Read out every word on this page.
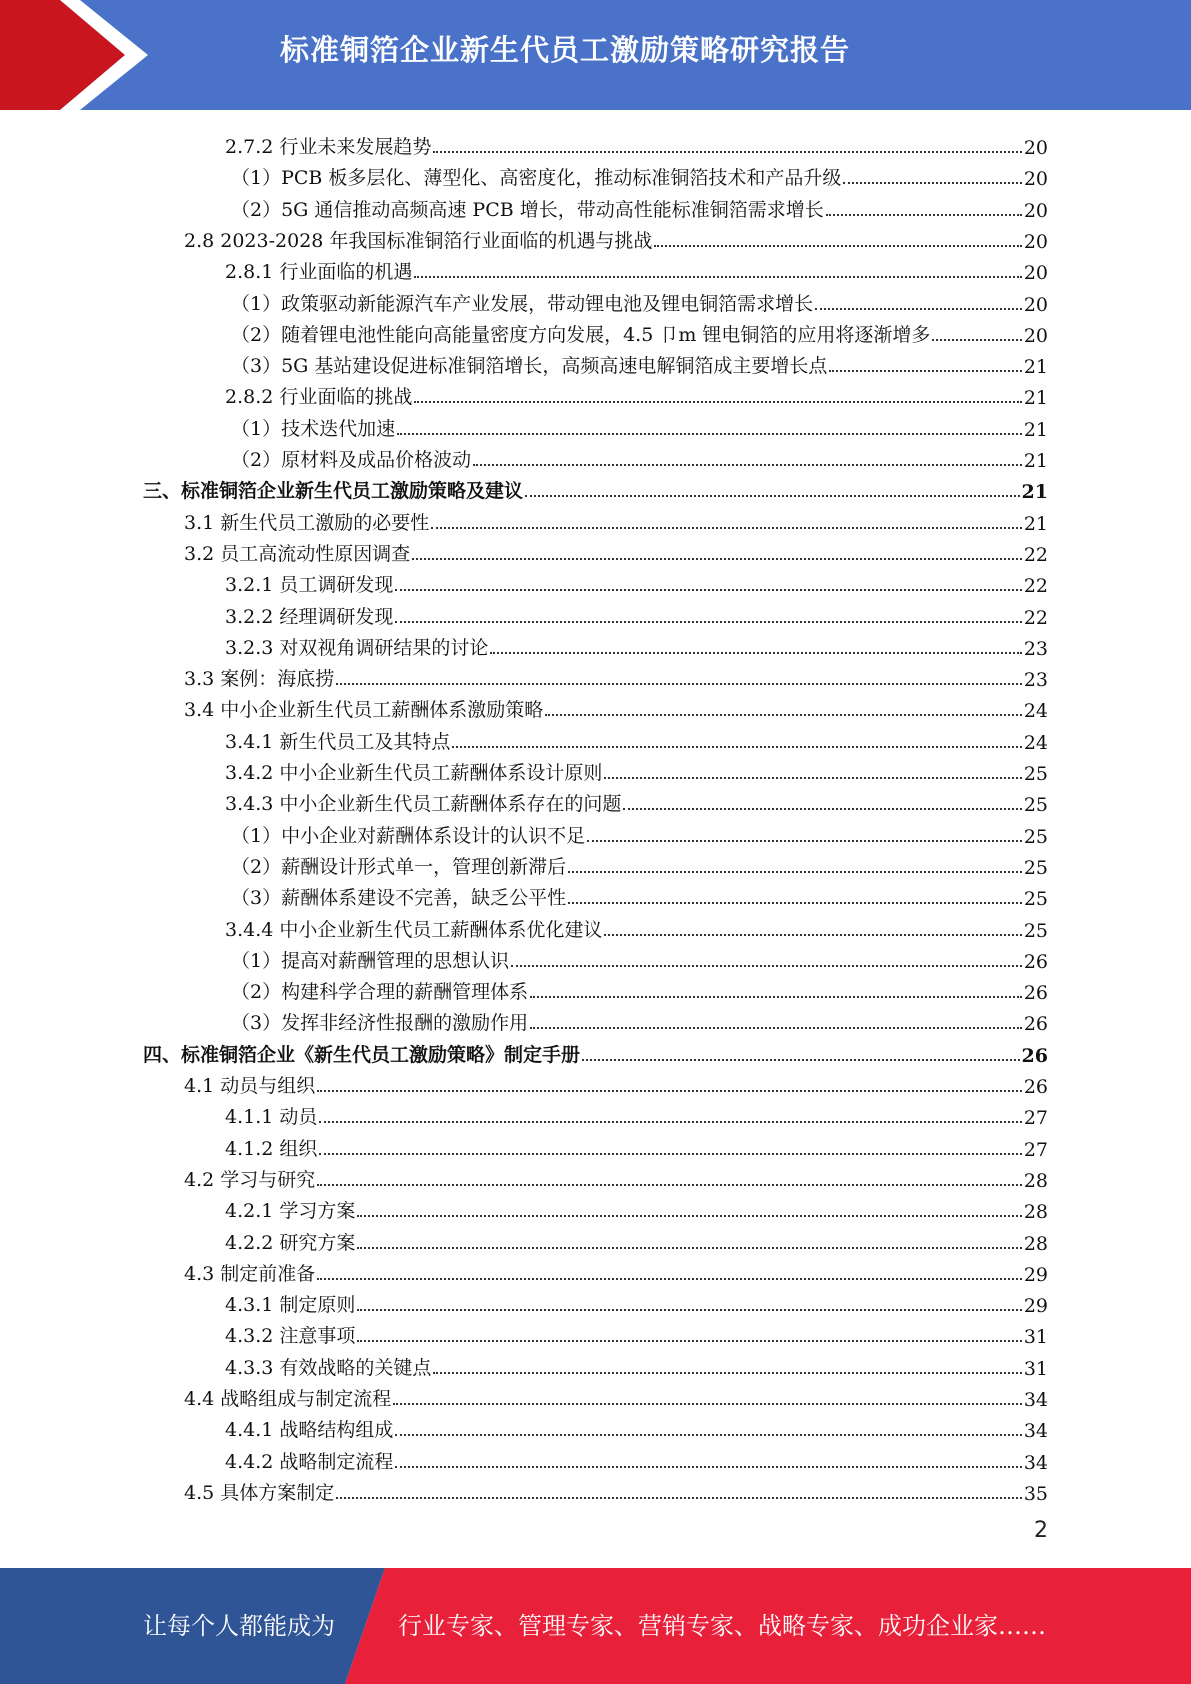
标准铜箔企业新生代员工激励策略研究报告
2.7.2 行业未来发展趋势	20
（1）PCB 板多层化、薄型化、高密度化，推动标准铜箔技术和产品升级	20
（2）5G 通信推动高频高速 PCB 增长，带动高性能标准铜箔需求增长	20
2.8 2023-2028 年我国标准铜箔行业面临的机遇与挑战	20
2.8.1 行业面临的机遇	20
（1）政策驱动新能源汽车产业发展，带动锂电池及锂电铜箔需求增长	20
（2）随着锂电池性能向高能量密度方向发展，4.5 卩m 锂电铜箔的应用将逐渐增多	20
（3）5G 基站建设促进标准铜箔增长，高频高速电解铜箔成主要增长点	21
2.8.2 行业面临的挑战	21
（1）技术迭代加速	21
（2）原材料及成品价格波动	21
三、标准铜箔企业新生代员工激励策略及建议	21
3.1 新生代员工激励的必要性	21
3.2 员工高流动性原因调查	22
3.2.1 员工调研发现	22
3.2.2 经理调研发现	22
3.2.3 对双视角调研结果的讨论	23
3.3 案例：海底捞	23
3.4 中小企业新生代员工薪酬体系激励策略	24
3.4.1 新生代员工及其特点	24
3.4.2 中小企业新生代员工薪酬体系设计原则	25
3.4.3 中小企业新生代员工薪酬体系存在的问题	25
（1）中小企业对薪酬体系设计的认识不足	25
（2）薪酬设计形式单一，管理创新滞后	25
（3）薪酬体系建设不完善，缺乏公平性	25
3.4.4 中小企业新生代员工薪酬体系优化建议	25
（1）提高对薪酬管理的思想认识	26
（2）构建科学合理的薪酬管理体系	26
（3）发挥非经济性报酬的激励作用	26
四、标准铜箔企业《新生代员工激励策略》制定手册	26
4.1 动员与组织	26
4.1.1 动员	27
4.1.2 组织	27
4.2 学习与研究	28
4.2.1 学习方案	28
4.2.2 研究方案	28
4.3 制定前准备	29
4.3.1 制定原则	29
4.3.2 注意事项	31
4.3.3 有效战略的关键点	31
4.4 战略组成与制定流程	34
4.4.1 战略结构组成	34
4.4.2 战略制定流程	34
4.5 具体方案制定	35
2
让每个人都能成为	行业专家、管理专家、营销专家、战略专家、成功企业家……
